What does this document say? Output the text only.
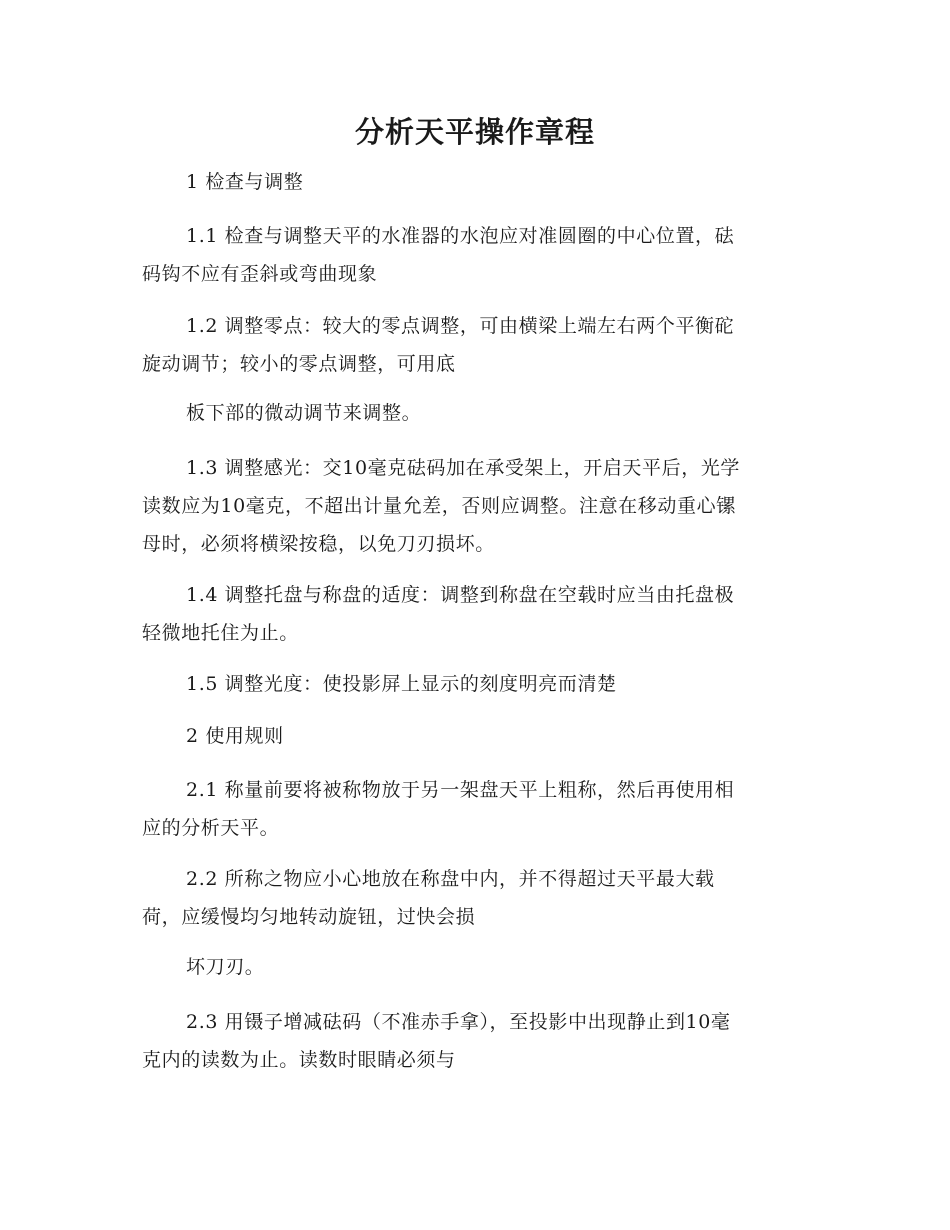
分析天平操作章程

1 检查与调整

1.1 检查与调整天平的水准器的水泡应对准圆圈的中心位置，砝
码钩不应有歪斜或弯曲现象

1.2 调整零点：较大的零点调整，可由横梁上端左右两个平衡砣
旋动调节；较小的零点调整，可用底

板下部的微动调节来调整。

1.3 调整感光：交10毫克砝码加在承受架上，开启天平后，光学
读数应为10毫克，不超出计量允差，否则应调整。注意在移动重心镙
母时，必须将横梁按稳，以免刀刃损坏。

1.4 调整托盘与称盘的适度：调整到称盘在空载时应当由托盘极
轻微地托住为止。

1.5 调整光度：使投影屏上显示的刻度明亮而清楚

2 使用规则

2.1 称量前要将被称物放于另一架盘天平上粗称，然后再使用相
应的分析天平。

2.2 所称之物应小心地放在称盘中内，并不得超过天平最大载
荷，应缓慢均匀地转动旋钮，过快会损

坏刀刃。

2.3 用镊子增减砝码（不准赤手拿），至投影中出现静止到10毫
克内的读数为止。读数时眼睛必须与
